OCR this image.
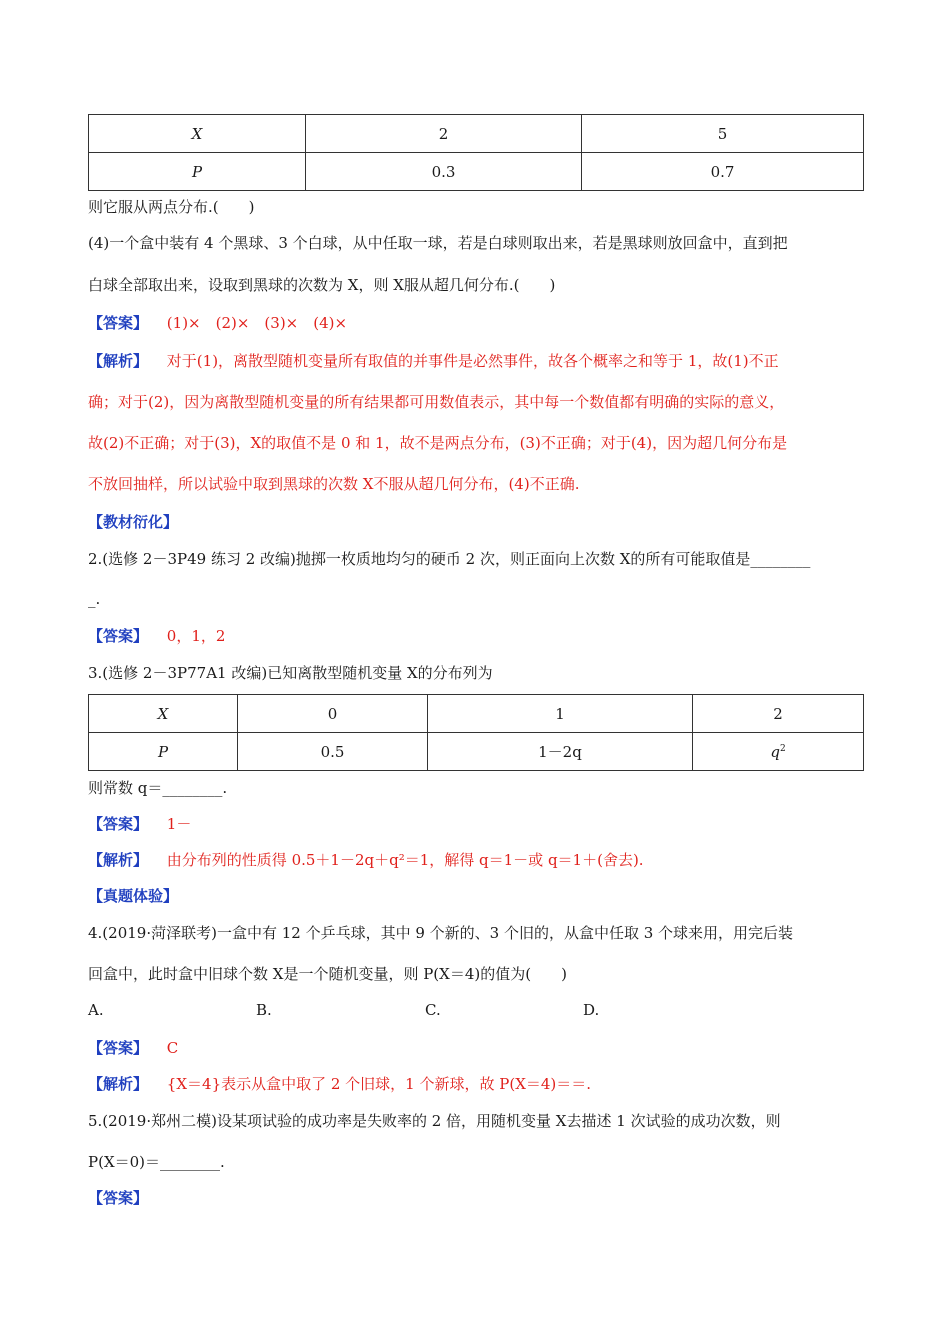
X	2	5
P	0.3	0.7
则它服从两点分布.(　　)
(4)一个盒中装有 4 个黑球、3 个白球，从中任取一球，若是白球则取出来，若是黑球则放回盒中，直到把
白球全部取出来，设取到黑球的次数为 X，则 X服从超几何分布.(　　)
【答案】 (1)×　(2)×　(3)×　(4)×
【解析】 对于(1)，离散型随机变量所有取值的并事件是必然事件，故各个概率之和等于 1，故(1)不正
确；对于(2)，因为离散型随机变量的所有结果都可用数值表示，其中每一个数值都有明确的实际的意义，
故(2)不正确；对于(3)，X的取值不是 0 和 1，故不是两点分布，(3)不正确；对于(4)，因为超几何分布是
不放回抽样，所以试验中取到黑球的次数 X不服从超几何分布，(4)不正确.
【教材衍化】
2.(选修 2－3P49 练习 2 改编)抛掷一枚质地均匀的硬币 2 次，则正面向上次数 X的所有可能取值是________
_.
【答案】 0，1，2
3.(选修 2－3P77A1 改编)已知离散型随机变量 X的分布列为
X	0	1	2
P	0.5	1－2q	$q^2$
则常数 q＝________.
【答案】 1－
【解析】 由分布列的性质得 0.5＋1－2q＋q²＝1，解得 q＝1－或 q＝1＋(舍去).
【真题体验】
4.(2019·菏泽联考)一盒中有 12 个乒乓球，其中 9 个新的、3 个旧的，从盒中任取 3 个球来用，用完后装
回盒中，此时盒中旧球个数 X是一个随机变量，则 P(X＝4)的值为(　　)
A.	B.	C.	D.
【答案】 C
【解析】 {X＝4}表示从盒中取了 2 个旧球，1 个新球，故 P(X＝4)＝＝.
5.(2019·郑州二模)设某项试验的成功率是失败率的 2 倍，用随机变量 X去描述 1 次试验的成功次数，则
P(X＝0)＝________.
【答案】
